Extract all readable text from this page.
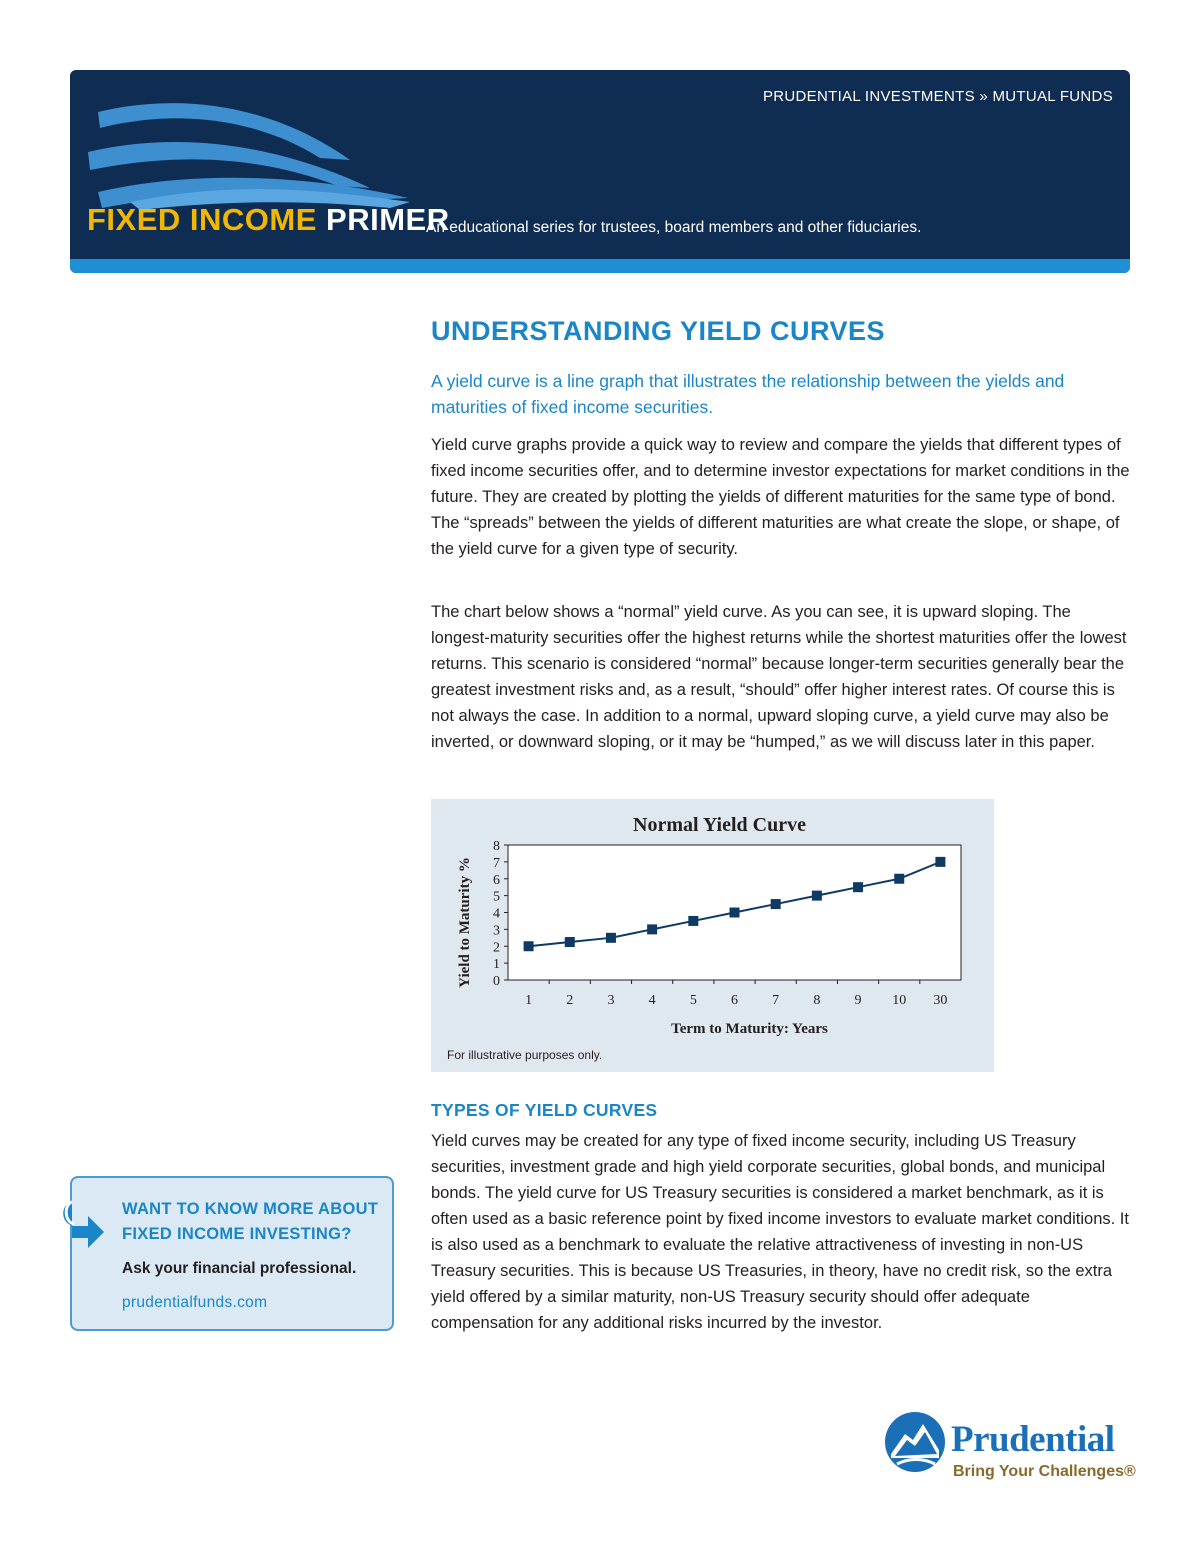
PRUDENTIAL INVESTMENTS » MUTUAL FUNDS
FIXED INCOME PRIMER
An educational series for trustees, board members and other fiduciaries.
UNDERSTANDING YIELD CURVES
A yield curve is a line graph that illustrates the relationship between the yields and maturities of fixed income securities.
Yield curve graphs provide a quick way to review and compare the yields that different types of fixed income securities offer, and to determine investor expectations for market conditions in the future. They are created by plotting the yields of different maturities for the same type of bond. The “spreads” between the yields of different maturities are what create the slope, or shape, of the yield curve for a given type of security.
The chart below shows a “normal” yield curve. As you can see, it is upward sloping. The longest-maturity securities offer the highest returns while the shortest maturities offer the lowest returns. This scenario is considered “normal” because longer-term securities generally bear the greatest investment risks and, as a result, “should” offer higher interest rates. Of course this is not always the case. In addition to a normal, upward sloping curve, a yield curve may also be inverted, or downward sloping, or it may be “humped,” as we will discuss later in this paper.
Normal Yield Curve
Term to Maturity: Years
Yield to Maturity % 0
1
2
3
4
5
6
7
8
1 2 3 4 5 6 7 8 9 10 30
For illustrative purposes only.
TYPES OF YIELD CURVES
Yield curves may be created for any type of fixed income security, including US Treasury securities, investment grade and high yield corporate securities, global bonds, and municipal bonds. The yield curve for US Treasury securities is considered a market benchmark, as it is often used as a basic reference point by fixed income investors to evaluate market conditions. It is also used as a benchmark to evaluate the relative attractiveness of investing in non-US Treasury securities. This is because US Treasuries, in theory, have no credit risk, so the extra yield offered by a similar maturity, non-US Treasury security should offer adequate compensation for any additional risks incurred by the investor.
WANT TO KNOW MORE ABOUT
FIXED INCOME INVESTING?
Ask your financial professional.
prudentialfunds.com
Prudential
Bring Your Challenges®
